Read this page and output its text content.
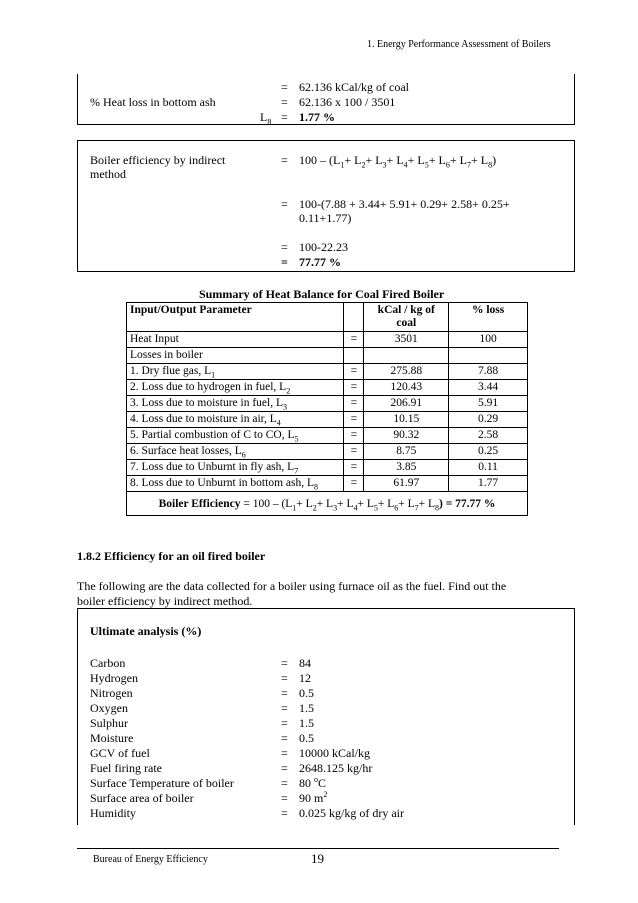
1. Energy Performance Assessment of Boilers
= 62.136 kCal/kg of coal
% Heat loss in bottom ash	= 62.136 x 100 / 3501
$L_8 = 1.77$ %
Boiler efficiency by indirect method
= $100 - (L_1+ L_2+ L_3+ L_4+ L_5+ L_6+ L_7+ L_8)$
= 100-(7.88 + 3.44+ 5.91+ 0.29+ 2.58+ 0.25+
0.11+1.77)
= 100-22.23
= 77.77 %
Summary of Heat Balance for Coal Fired Boiler
Input/Output Parameter		kCal / kg of coal	% loss
Heat Input	=	3501	100
Losses in boiler			
1. Dry flue gas, $L_1$	=	275.88	7.88
2. Loss due to hydrogen in fuel, $L_2$	=	120.43	3.44
3. Loss due to moisture in fuel, $L_3$	=	206.91	5.91
4. Loss due to moisture in air, $L_4$	=	10.15	0.29
5. Partial combustion of C to CO, $L_5$	=	90.32	2.58
6. Surface heat losses, $L_6$	=	8.75	0.25
7. Loss due to Unburnt in fly ash, $L_7$	=	3.85	0.11
8. Loss due to Unburnt in bottom ash, $L_8$	=	61.97	1.77
Boiler Efficiency = $100 - (L_1+ L_2+ L_3+ L_4+ L_5+ L_6+ L_7+ L_8) = 77.77$ %			
1.8.2 Efficiency for an oil fired boiler
The following are the data collected for a boiler using furnace oil as the fuel. Find out the
boiler efficiency by indirect method.
Ultimate analysis (%)
Carbon	= 84
Hydrogen	= 12
Nitrogen	= 0.5
Oxygen	= 1.5
Sulphur	= 1.5
Moisture	= 0.5
GCV of fuel	= 10000 kCal/kg
Fuel firing rate	= 2648.125 kg/hr
Surface Temperature of boiler	= 80 $^o$C
Surface area of boiler	= 90 $m^2$
Humidity	= 0.025 kg/kg of dry air
Bureau of Energy Efficiency	19
